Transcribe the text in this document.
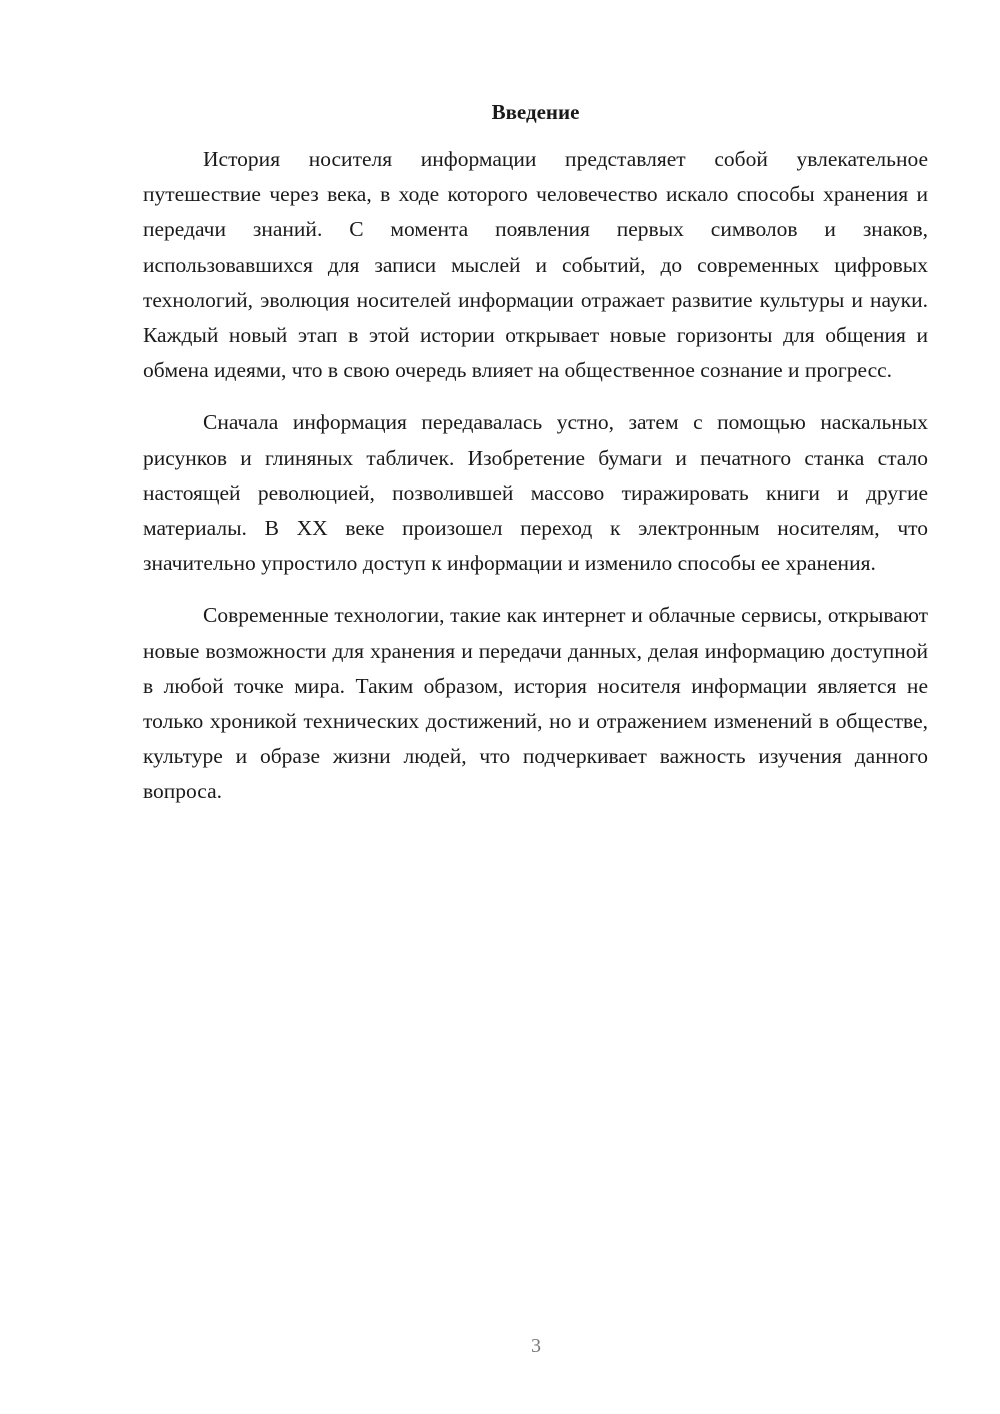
Введение

История носителя информации представляет собой увлекательное путешествие через века, в ходе которого человечество искало способы хранения и передачи знаний. С момента появления первых символов и знаков, использовавшихся для записи мыслей и событий, до современных цифровых технологий, эволюция носителей информации отражает развитие культуры и науки. Каждый новый этап в этой истории открывает новые горизонты для общения и обмена идеями, что в свою очередь влияет на общественное сознание и прогресс.

Сначала информация передавалась устно, затем с помощью наскальных рисунков и глиняных табличек. Изобретение бумаги и печатного станка стало настоящей революцией, позволившей массово тиражировать книги и другие материалы. В XX веке произошел переход к электронным носителям, что значительно упростило доступ к информации и изменило способы ее хранения.

Современные технологии, такие как интернет и облачные сервисы, открывают новые возможности для хранения и передачи данных, делая информацию доступной в любой точке мира. Таким образом, история носителя информации является не только хроникой технических достижений, но и отражением изменений в обществе, культуре и образе жизни людей, что подчеркивает важность изучения данного вопроса.

3
